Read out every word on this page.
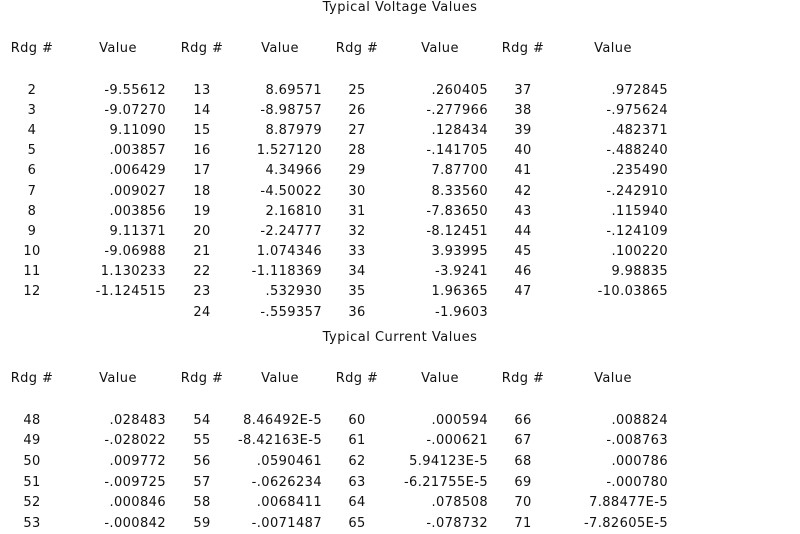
Typical Voltage Values
Rdg #	Value	Rdg #	Value	Rdg #	Value	Rdg #	Value

2	-9.55612	13	8.69571	25	.260405	37	.972845
3	-9.07270	14	-8.98757	26	-.277966	38	-.975624
4	9.11090	15	8.87979	27	.128434	39	.482371
5	.003857	16	1.527120	28	-.141705	40	-.488240
6	.006429	17	4.34966	29	7.87700	41	.235490
7	.009027	18	-4.50022	30	8.33560	42	-.242910
8	.003856	19	2.16810	31	-7.83650	43	.115940
9	9.11371	20	-2.24777	32	-8.12451	44	-.124109
10	-9.06988	21	1.074346	33	3.93995	45	.100220
11	1.130233	22	-1.118369	34	-3.9241	46	9.98835
12	-1.124515	23	.532930	35	1.96365	47	-10.03865
		24	-.559357	36	-1.9603		
Typical Current Values
Rdg #	Value	Rdg #	Value	Rdg #	Value	Rdg #	Value

48	.028483	54	8.46492E-5	60	.000594	66	.008824
49	-.028022	55	-8.42163E-5	61	-.000621	67	-.008763
50	.009772	56	.0590461	62	5.94123E-5	68	.000786
51	-.009725	57	-.0626234	63	-6.21755E-5	69	-.000780
52	.000846	58	.0068411	64	.078508	70	7.88477E-5
53	-.000842	59	-.0071487	65	-.078732	71	-7.82605E-5
